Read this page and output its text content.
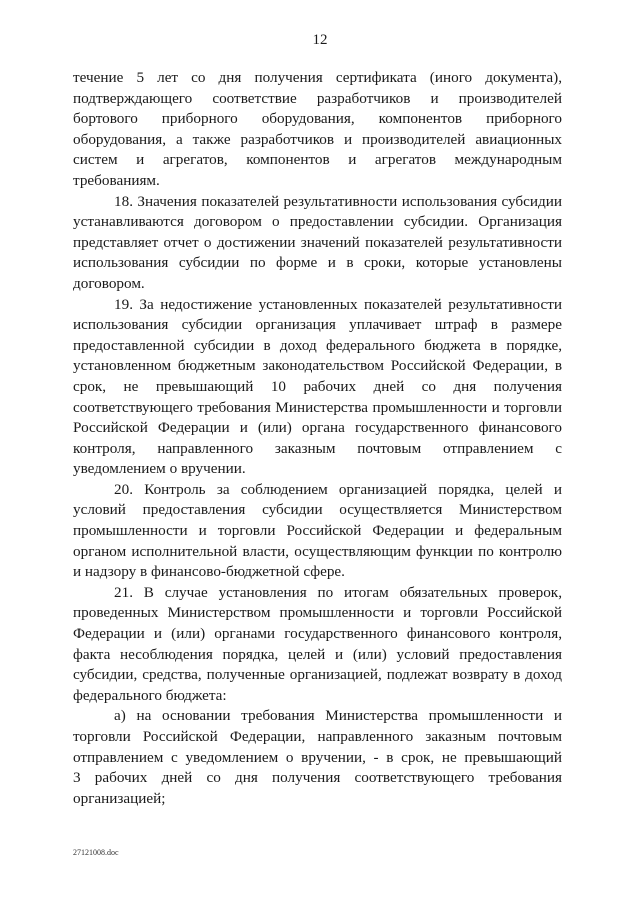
12
течение 5 лет со дня получения сертификата (иного документа),
подтверждающего соответствие разработчиков и производителей
бортового приборного оборудования, компонентов приборного
оборудования, а также разработчиков и производителей авиационных
систем и агрегатов, компонентов и агрегатов международным
требованиям.
18. Значения показателей результативности использования субсидии
устанавливаются договором о предоставлении субсидии. Организация
представляет отчет о достижении значений показателей результативности
использования субсидии по форме и в сроки, которые установлены
договором.
19. За недостижение установленных показателей результативности
использования субсидии организация уплачивает штраф в размере
предоставленной субсидии в доход федерального бюджета в порядке,
установленном бюджетным законодательством Российской Федерации, в
срок, не превышающий 10 рабочих дней со дня получения
соответствующего требования Министерства промышленности и торговли
Российской Федерации и (или) органа государственного финансового
контроля, направленного заказным почтовым отправлением с
уведомлением о вручении.
20. Контроль за соблюдением организацией порядка, целей и
условий предоставления субсидии осуществляется Министерством
промышленности и торговли Российской Федерации и федеральным
органом исполнительной власти, осуществляющим функции по контролю
и надзору в финансово-бюджетной сфере.
21. В случае установления по итогам обязательных проверок,
проведенных Министерством промышленности и торговли Российской
Федерации и (или) органами государственного финансового контроля,
факта несоблюдения порядка, целей и (или) условий предоставления
субсидии, средства, полученные организацией, подлежат возврату в доход
федерального бюджета:
а) на основании требования Министерства промышленности и
торговли Российской Федерации, направленного заказным почтовым
отправлением с уведомлением о вручении, - в срок, не превышающий
3 рабочих дней со дня получения соответствующего требования
организацией;
27121008.doc
